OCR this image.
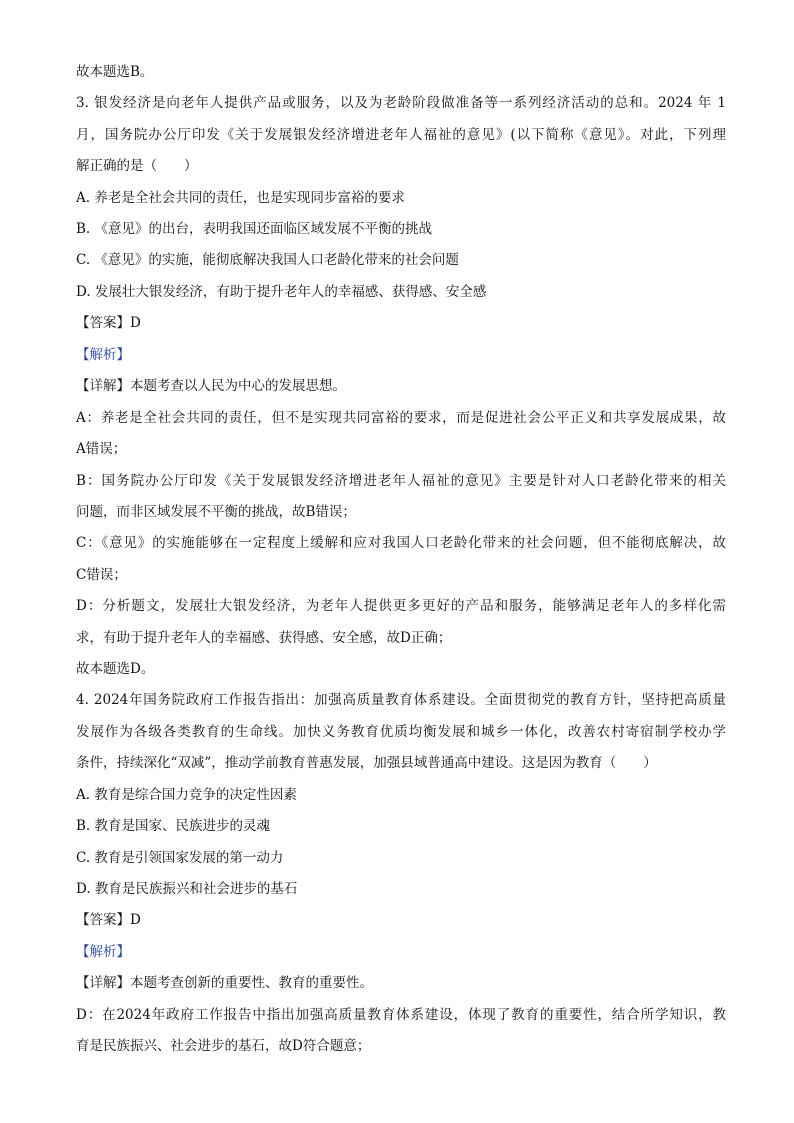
故本题选B。
3. 银发经济是向老年人提供产品或服务，以及为老龄阶段做准备等一系列经济活动的总和。2024 年 1
月，国务院办公厅印发《关于发展银发经济增进老年人福祉的意见》(以下简称《意见》。对此，下列理
解正确的是（　　）
A. 养老是全社会共同的责任，也是实现同步富裕的要求
B. 《意见》的出台，表明我国还面临区域发展不平衡的挑战
C. 《意见》的实施，能彻底解决我国人口老龄化带来的社会问题
D. 发展壮大银发经济，有助于提升老年人的幸福感、获得感、安全感
【答案】D
【解析】
【详解】本题考查以人民为中心的发展思想。
A：养老是全社会共同的责任，但不是实现共同富裕的要求，而是促进社会公平正义和共享发展成果，故
A错误；
B：国务院办公厅印发《关于发展银发经济增进老年人福祉的意见》主要是针对人口老龄化带来的相关
问题，而非区域发展不平衡的挑战，故B错误；
C：《意见》的实施能够在一定程度上缓解和应对我国人口老龄化带来的社会问题，但不能彻底解决，故
C错误；
D：分析题文，发展壮大银发经济，为老年人提供更多更好的产品和服务，能够满足老年人的多样化需
求，有助于提升老年人的幸福感、获得感、安全感，故D正确；
故本题选D。
4. 2024年国务院政府工作报告指出：加强高质量教育体系建设。全面贯彻党的教育方针，坚持把高质量
发展作为各级各类教育的生命线。加快义务教育优质均衡发展和城乡一体化，改善农村寄宿制学校办学
条件，持续深化“双减”，推动学前教育普惠发展，加强县域普通高中建设。这是因为教育（　　）
A. 教育是综合国力竞争的决定性因素
B. 教育是国家、民族进步的灵魂
C. 教育是引领国家发展的第一动力
D. 教育是民族振兴和社会进步的基石
【答案】D
【解析】
【详解】本题考查创新的重要性、教育的重要性。
D：在2024年政府工作报告中指出加强高质量教育体系建设，体现了教育的重要性，结合所学知识，教
育是民族振兴、社会进步的基石，故D符合题意；
